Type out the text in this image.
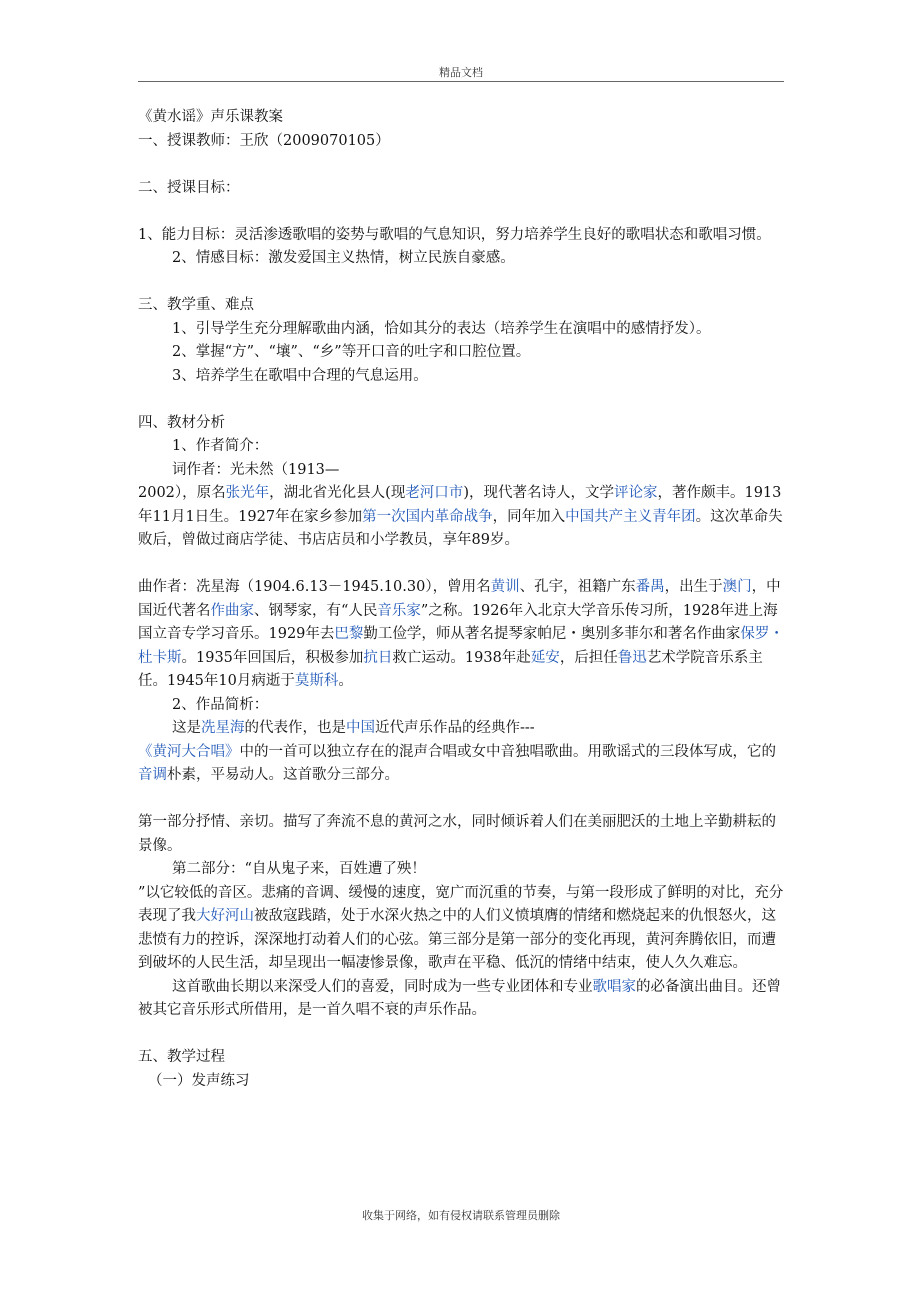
精品文档

《黄水谣》声乐课教案

一、授课教师：王欣（2009070105）

二、授课目标：

1、能力目标：灵活渗透歌唱的姿势与歌唱的气息知识，努力培养学生良好的歌唱状态和歌唱习惯。

2、情感目标：激发爱国主义热情，树立民族自豪感。

三、教学重、难点

1、引导学生充分理解歌曲内涵，恰如其分的表达（培养学生在演唱中的感情抒发）。

2、掌握“方”、“壤”、“乡”等开口音的吐字和口腔位置。

3、培养学生在歌唱中合理的气息运用。

四、教材分析

1、作者简介：

词作者：光未然（1913—

2002），原名张光年，湖北省光化县人(现老河口市)，现代著名诗人，文学评论家，著作颇丰。1913年11月1日生。1927年在家乡参加第一次国内革命战争，同年加入中国共产主义青年团。这次革命失败后，曾做过商店学徒、书店店员和小学教员，享年89岁。

曲作者：冼星海（1904.6.13－1945.10.30），曾用名黄训、孔宇，祖籍广东番禺，出生于澳门，中国近代著名作曲家、钢琴家，有“人民音乐家”之称。1926年入北京大学音乐传习所，1928年进上海国立音专学习音乐。1929年去巴黎勤工俭学，师从著名提琴家帕尼・奥别多菲尔和著名作曲家保罗・杜卡斯。1935年回国后，积极参加抗日救亡运动。1938年赴延安，后担任鲁迅艺术学院音乐系主任。1945年10月病逝于莫斯科。

2、作品简析：

这是冼星海的代表作，也是中国近代声乐作品的经典作---

《黄河大合唱》中的一首可以独立存在的混声合唱或女中音独唱歌曲。用歌谣式的三段体写成，它的音调朴素，平易动人。这首歌分三部分。

第一部分抒情、亲切。描写了奔流不息的黄河之水，同时倾诉着人们在美丽肥沃的土地上辛勤耕耘的景像。

第二部分：“自从鬼子来，百姓遭了殃！

”以它较低的音区。悲痛的音调、缓慢的速度，宽广而沉重的节奏，与第一段形成了鲜明的对比，充分表现了我大好河山被敌寇践踏，处于水深火热之中的人们义愤填膺的情绪和燃烧起来的仇恨怒火，这悲愤有力的控诉，深深地打动着人们的心弦。第三部分是第一部分的变化再现，黄河奔腾依旧，而遭到破坏的人民生活，却呈现出一幅凄惨景像，歌声在平稳、低沉的情绪中结束，使人久久难忘。

这首歌曲长期以来深受人们的喜爱，同时成为一些专业团体和专业歌唱家的必备演出曲目。还曾被其它音乐形式所借用，是一首久唱不衰的声乐作品。

五、教学过程

（一）发声练习

收集于网络，如有侵权请联系管理员删除
